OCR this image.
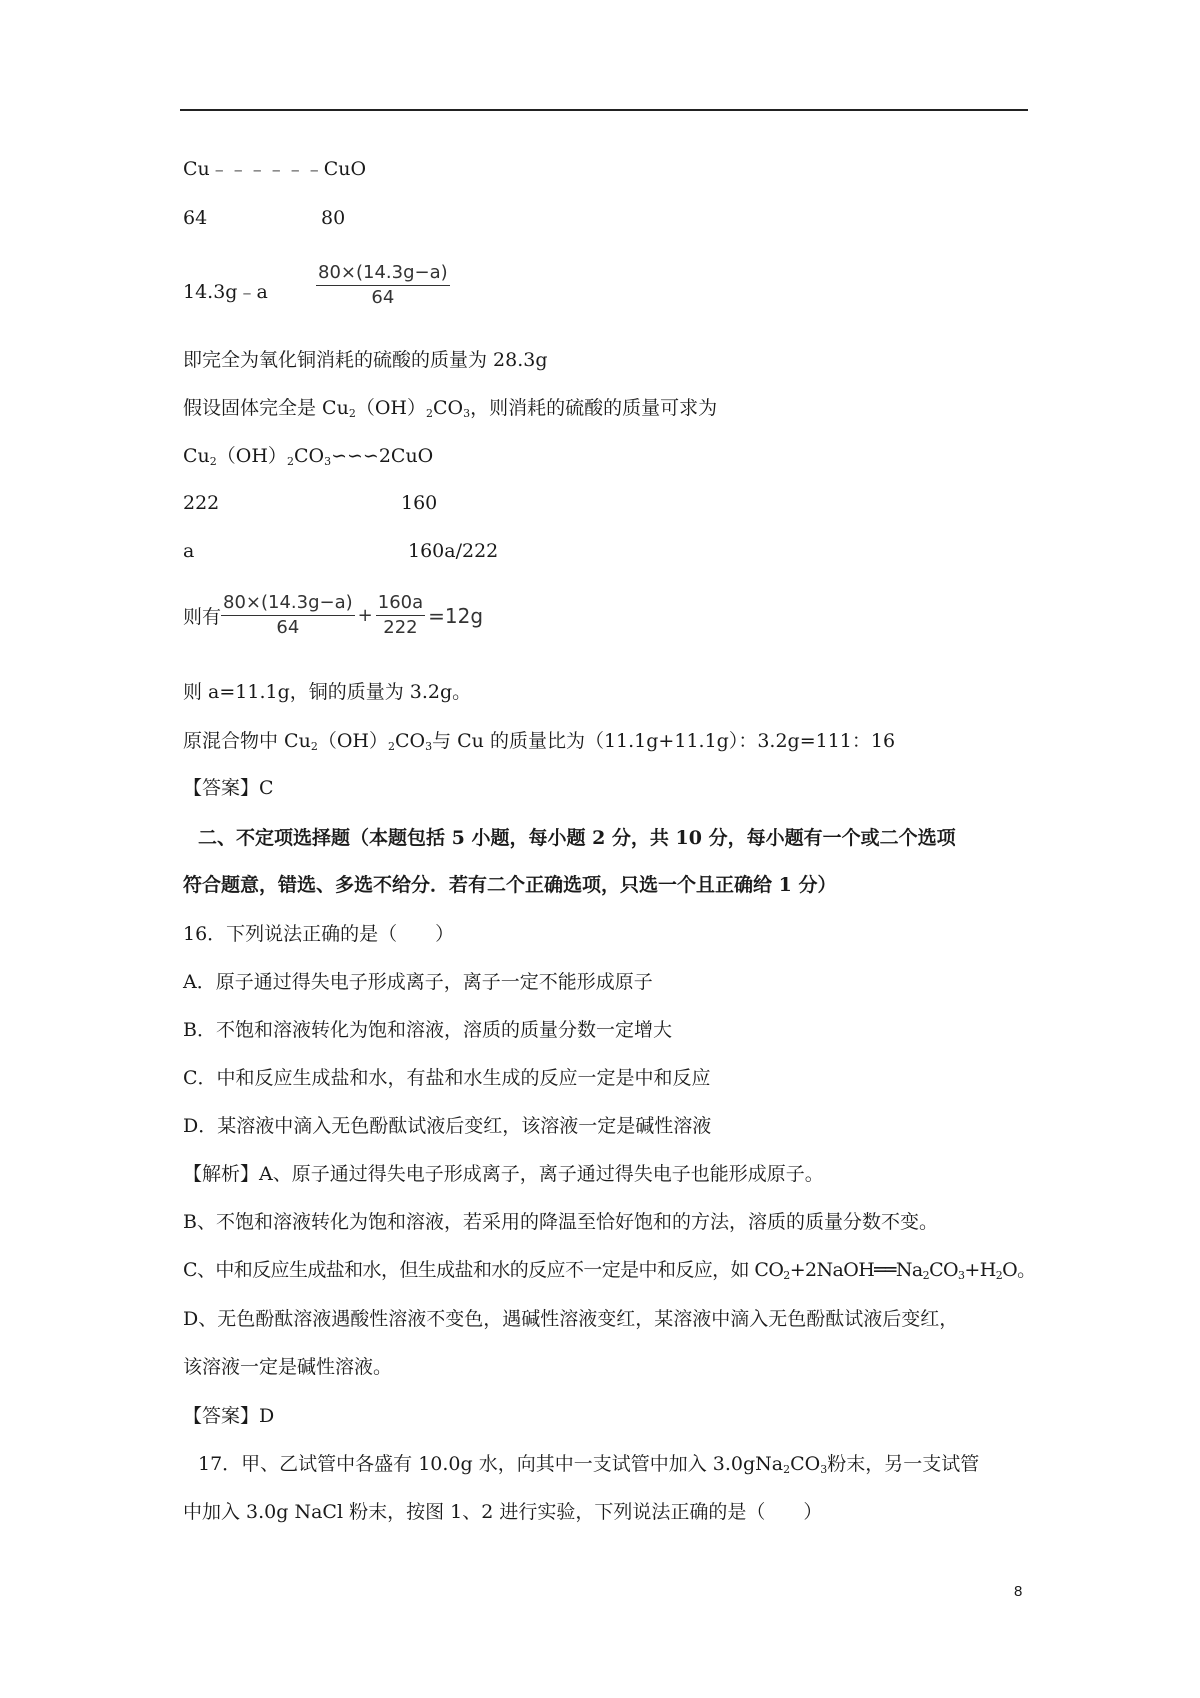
Cu﹣﹣﹣﹣﹣﹣CuO
64	80
14.3g﹣a	$\frac{80\times(14.3g-a)}{64}$
即完全为氧化铜消耗的硫酸的质量为 28.3g
假设固体完全是 $Cu_2(OH)_2CO_3$，则消耗的硫酸的质量可求为
$Cu_2(OH)_2CO_3∽∽∽2CuO$
222	160
a	160a/222
则有 $\frac{80\times(14.3g-a)}{64} + \frac{160a}{222} =12g$
则 a=11.1g，铜的质量为 3.2g。
原混合物中 $Cu_2(OH)_2CO_3$与 Cu 的质量比为（11.1g+11.1g）：3.2g=111：16
【答案】C
二、不定项选择题（本题包括 5 小题，每小题 2 分，共 10 分，每小题有一个或二个选项
符合题意，错选、多选不给分．若有二个正确选项，只选一个且正确给 1 分）
16．下列说法正确的是（　　）
A．原子通过得失电子形成离子，离子一定不能形成原子
B．不饱和溶液转化为饱和溶液，溶质的质量分数一定增大
C．中和反应生成盐和水，有盐和水生成的反应一定是中和反应
D．某溶液中滴入无色酚酞试液后变红，该溶液一定是碱性溶液
【解析】A、原子通过得失电子形成离子，离子通过得失电子也能形成原子。
B、不饱和溶液转化为饱和溶液，若采用的降温至恰好饱和的方法，溶质的质量分数不变。
C、中和反应生成盐和水，但生成盐和水的反应不一定是中和反应，如 $CO_2+2NaOH══Na_2CO_3+H_2O$。
D、无色酚酞溶液遇酸性溶液不变色，遇碱性溶液变红，某溶液中滴入无色酚酞试液后变红，
该溶液一定是碱性溶液。
【答案】D
17．甲、乙试管中各盛有 10.0g 水，向其中一支试管中加入 $3.0gNa_2CO_3$粉末，另一支试管
中加入 3.0g NaCl 粉末，按图 1、2 进行实验，下列说法正确的是（　　）
8
